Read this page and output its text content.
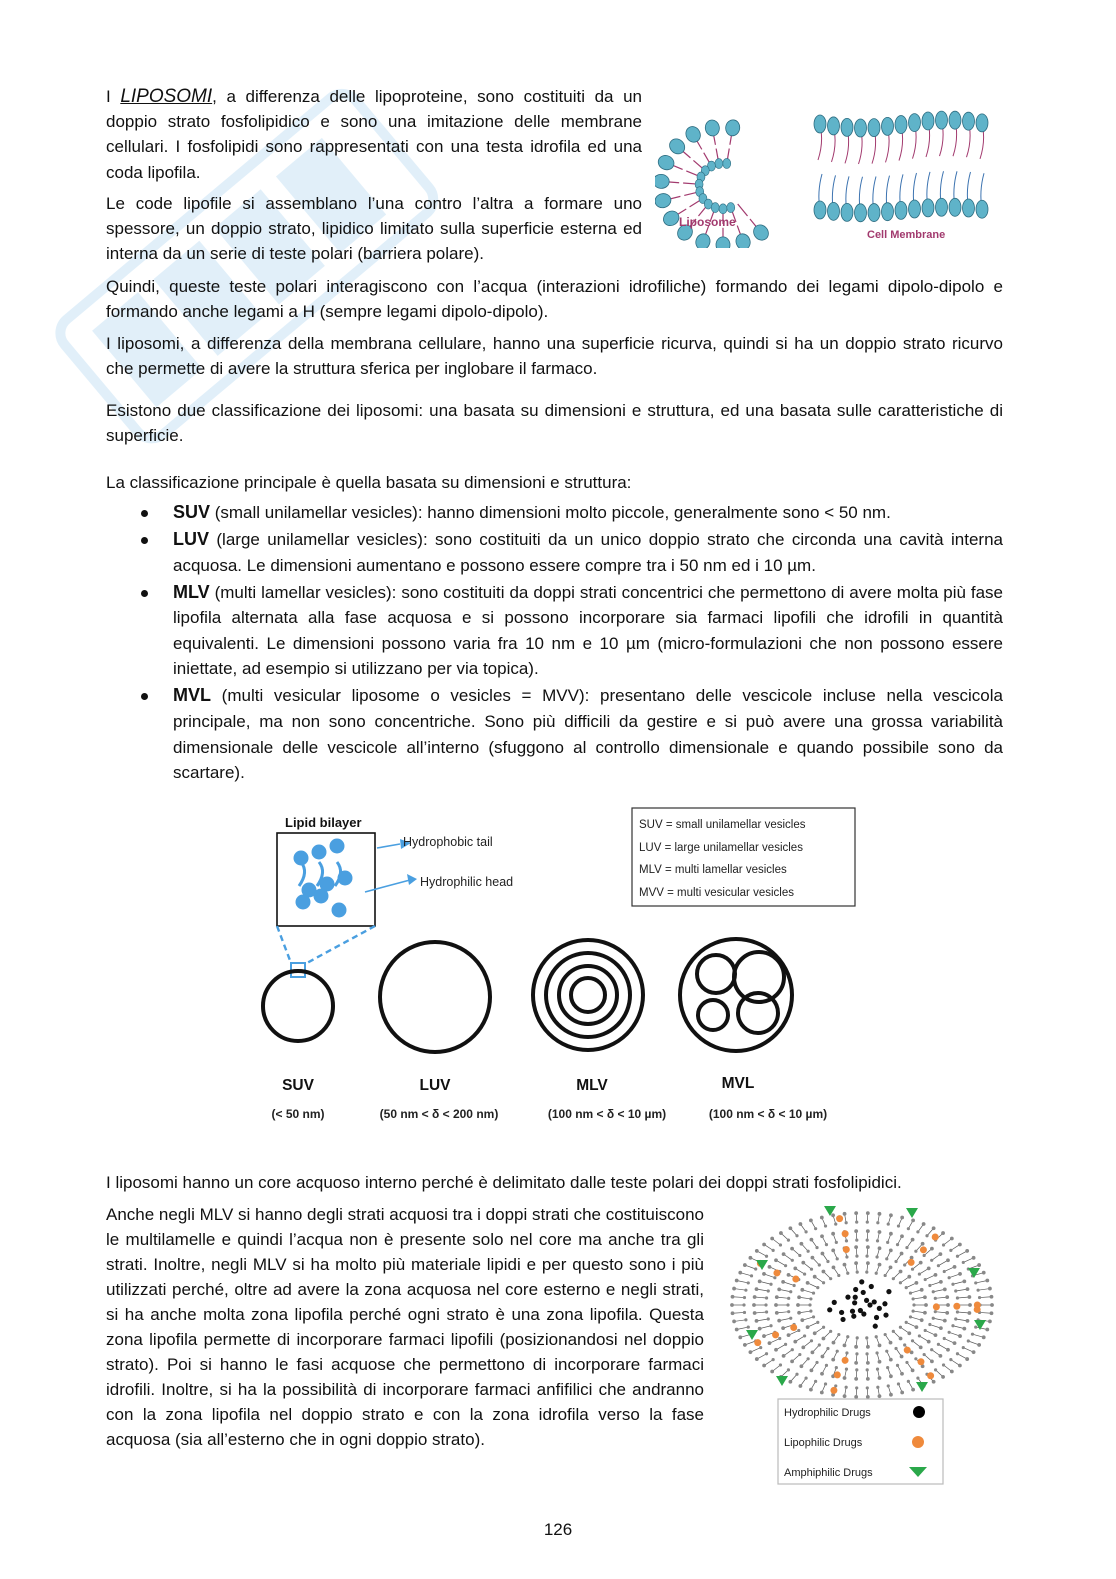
I LIPOSOMI, a differenza delle lipoproteine, sono costituiti da un doppio strato fosfolipidico e sono una imitazione delle membrane cellulari. I fosfolipidi sono rappresentati con una testa idrofila ed una coda lipofila.

Le code lipofile si assemblano l’una contro l’altra a formare uno spessore, un doppio strato, lipidico limitato sulla superficie esterna ed interna da un serie di teste polari (barriera polare).

Liposome
Cell Membrane
Quindi, queste teste polari interagiscono con l’acqua (interazioni idrofiliche) formando dei legami dipolo-dipolo e formando anche legami a H (sempre legami dipolo-dipolo).
I liposomi, a differenza della membrana cellulare, hanno una superficie ricurva, quindi si ha un doppio strato ricurvo che permette di avere la struttura sferica per inglobare il farmaco.
Esistono due classificazione dei liposomi: una basata su dimensioni e struttura, ed una basata sulle caratteristiche di superficie.
La classificazione principale è quella basata su dimensioni e struttura:
SUV (small unilamellar vesicles): hanno dimensioni molto piccole, generalmente sono < 50 nm.
LUV (large unilamellar vesicles): sono costituiti da un unico doppio strato che circonda una cavità interna acquosa. Le dimensioni aumentano e possono essere compre tra i 50 nm ed i 10 µm.
MLV (multi lamellar vesicles): sono costituiti da doppi strati concentrici che permettono di avere molta più fase lipofila alternata alla fase acquosa e si possono incorporare sia farmaci lipofili che idrofili in quantità equivalenti. Le dimensioni possono varia fra 10 nm e 10 µm (micro-formulazioni che non possono essere iniettate, ad esempio si utilizzano per via topica).
MVL (multi vesicular liposome o vesicles = MVV): presentano delle vescicole incluse nella vescicola principale, ma non sono concentriche. Sono più difficili da gestire e si può avere una grossa variabilità dimensionale delle vescicole all’interno (sfuggono al controllo dimensionale e quando possibile sono da scartare).
Lipid bilayer
Hydrophobic tail
Hydrophilic head
SUV = small unilamellar vesicles
LUV = large unilamellar vesicles
MLV = multi lamellar vesicles
MVV = multi vesicular vesicles
SUV	LUV	MLV	MVL
(< 50 nm)	(50 nm < δ < 200 nm)	(100 nm < δ < 10 µm)	(100 nm < δ < 10 µm)
I liposomi hanno un core acquoso interno perché è delimitato dalle teste polari dei doppi strati fosfolipidici.
Anche negli MLV si hanno degli strati acquosi tra i doppi strati che costituiscono le multilamelle e quindi l’acqua non è presente solo nel core ma anche tra gli strati. Inoltre, negli MLV si ha molto più materiale lipidi e per questo sono i più utilizzati perché, oltre ad avere la zona acquosa nel core esterno e negli strati, si ha anche molta zona lipofila perché ogni strato è una zona lipofila. Questa zona lipofila permette di incorporare farmaci lipofili (posizionandosi nel doppio strato). Poi si hanno le fasi acquose che permettono di incorporare farmaci idrofili. Inoltre, si ha la possibilità di incorporare farmaci anfifilici che andranno con la zona lipofila nel doppio strato e con la zona idrofila verso la fase acquosa (sia all’esterno che in ogni doppio strato).
Hydrophilic Drugs
Lipophilic Drugs
Amphiphilic Drugs
126
